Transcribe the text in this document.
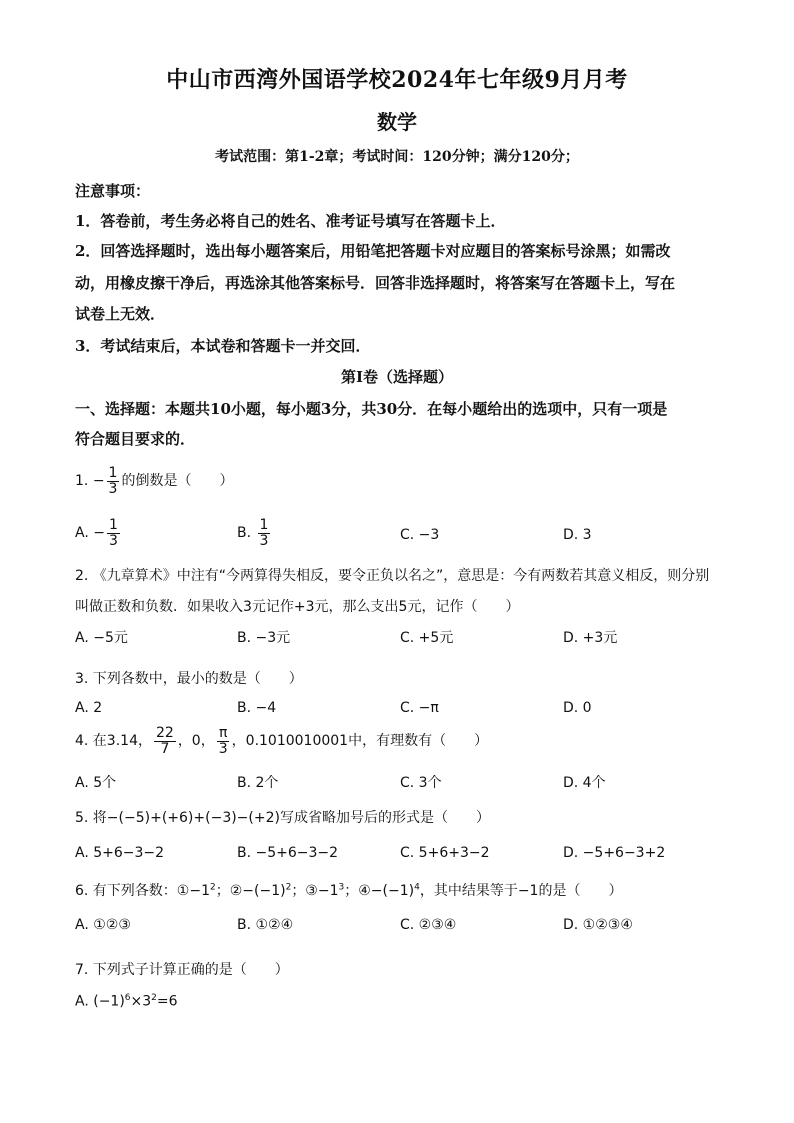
中山市西湾外国语学校2024年七年级9月月考
数学
考试范围：第1-2章；考试时间：120分钟；满分120分；
注意事项：
1．答卷前，考生务必将自己的姓名、准考证号填写在答题卡上．
2．回答选择题时，选出每小题答案后，用铅笔把答题卡对应题目的答案标号涂黑；如需改
动，用橡皮擦干净后，再选涂其他答案标号．回答非选择题时，将答案写在答题卡上，写在
试卷上无效．
3．考试结束后，本试卷和答题卡一并交回．
第I卷（选择题）
一、选择题：本题共10小题，每小题3分，共30分．在每小题给出的选项中，只有一项是
符合题目要求的．
1. − $\frac{1}{3}$ 的倒数是（　　）
A. − $\frac{1}{3}$	B. $\frac{1}{3}$	C. −3	D. 3
2. 《九章算术》中注有“今两算得失相反，要令正负以名之”，意思是：今有两数若其意义相反，则分别
叫做正数和负数．如果收入3元记作+3元，那么支出5元，记作（　　）
A. −5元	B. −3元	C. +5元	D. +3元
3. 下列各数中，最小的数是（　　）
A. 2	B. −4	C. −π	D. 0
4. 在3.14， $\frac{22}{7}$ ，0， $\frac{\pi}{3}$ ，0.1010010001中，有理数有（　　）
A. 5个	B. 2个	C. 3个	D. 4个
5. 将−(−5)+(+6)+(−3)−(+2)写成省略加号后的形式是（　　）
A. 5+6−3−2	B. −5+6−3−2	C. 5+6+3−2	D. −5+6−3+2
6. 有下列各数：$①-1^2$；$②-(-1)^2$；$③-1^3$；$④-(-1)^4$，其中结果等于−1的是（　　）
A. ①②③	B. ①②④	C. ②③④	D. ①②③④
7. 下列式子计算正确的是（　　）
A. $(-1)^6\times 3^2=6$
